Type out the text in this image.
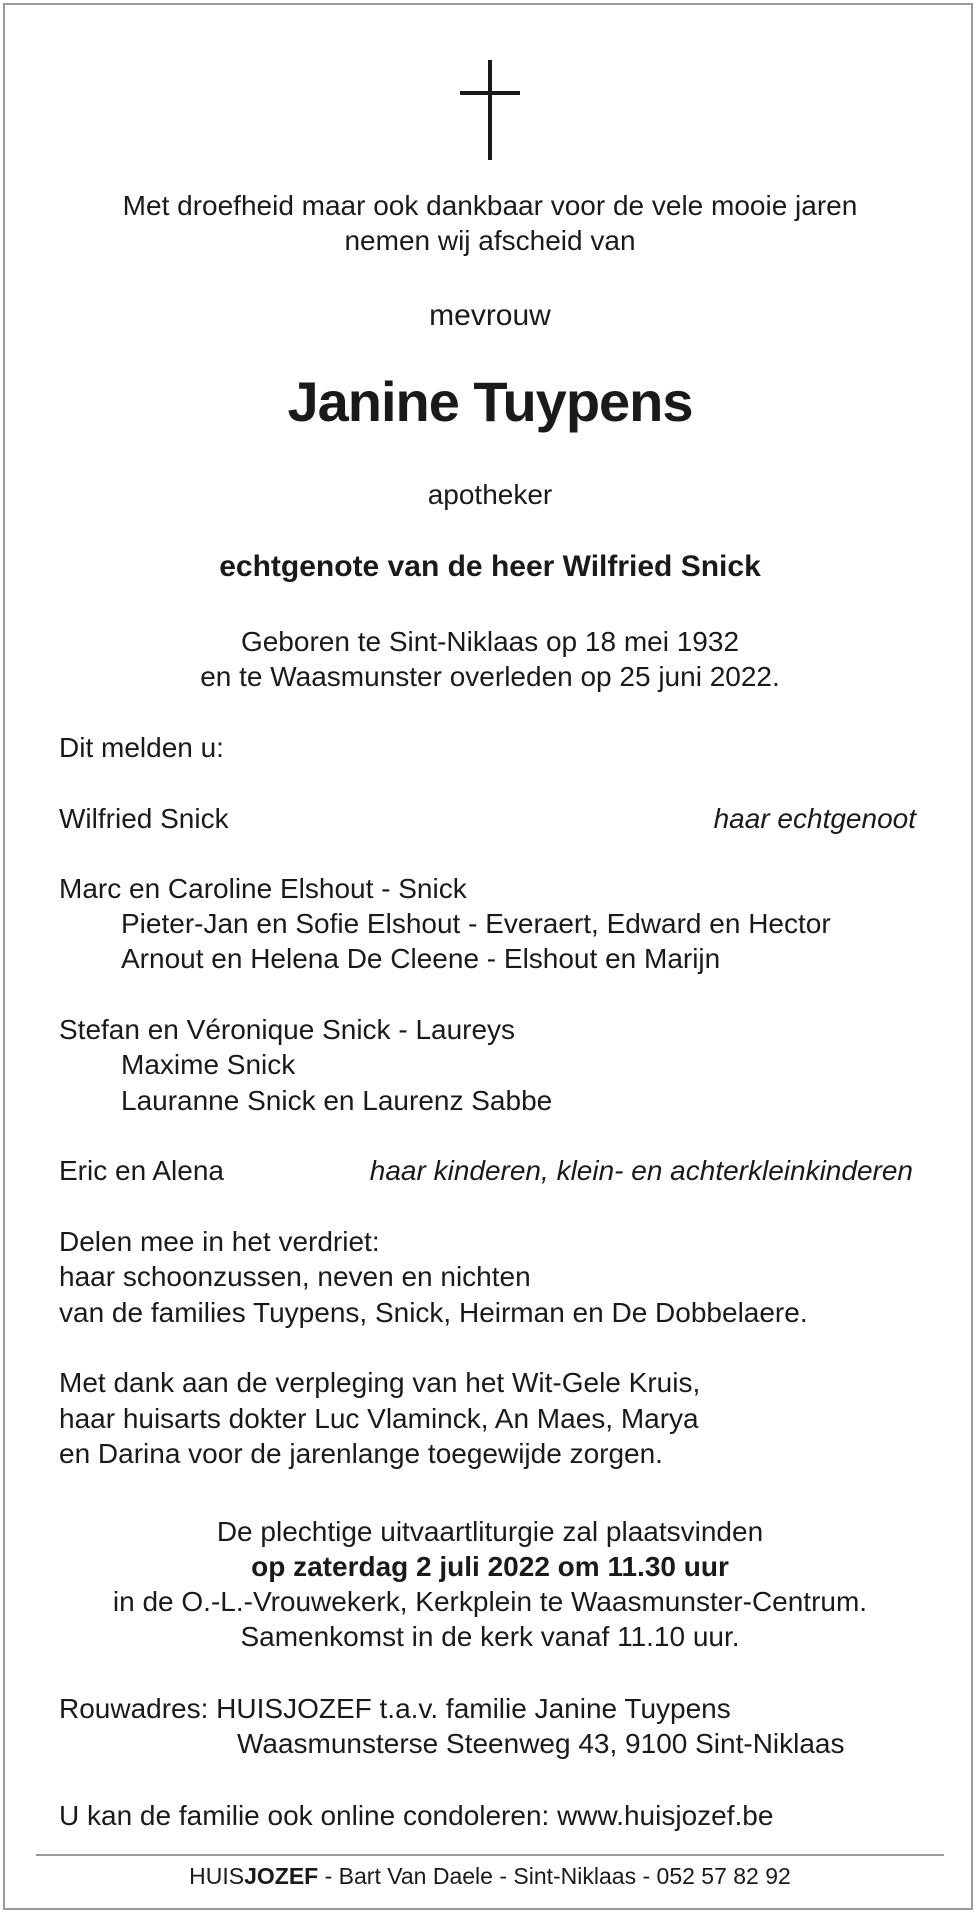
Met droefheid maar ook dankbaar voor de vele mooie jaren
nemen wij afscheid van
mevrouw
Janine Tuypens
apotheker
echtgenote van de heer Wilfried Snick
Geboren te Sint-Niklaas op 18 mei 1932
en te Waasmunster overleden op 25 juni 2022.
Dit melden u:
Wilfried Snick	haar echtgenoot
Marc en Caroline Elshout - Snick
Pieter-Jan en Sofie Elshout - Everaert, Edward en Hector
Arnout en Helena De Cleene - Elshout en Marijn
Stefan en Véronique Snick - Laureys
Maxime Snick
Lauranne Snick en Laurenz Sabbe
Eric en Alena	haar kinderen, klein- en achterkleinkinderen
Delen mee in het verdriet:
haar schoonzussen, neven en nichten
van de families Tuypens, Snick, Heirman en De Dobbelaere.
Met dank aan de verpleging van het Wit-Gele Kruis,
haar huisarts dokter Luc Vlaminck, An Maes, Marya
en Darina voor de jarenlange toegewijde zorgen.
De plechtige uitvaartliturgie zal plaatsvinden
op zaterdag 2 juli 2022 om 11.30 uur
in de O.-L.-Vrouwekerk, Kerkplein te Waasmunster-Centrum.
Samenkomst in de kerk vanaf 11.10 uur.
Rouwadres: HUISJOZEF t.a.v. familie Janine Tuypens
Waasmunsterse Steenweg 43, 9100 Sint-Niklaas
U kan de familie ook online condoleren: www.huisjozef.be
HUISJOZEF - Bart Van Daele - Sint-Niklaas - 052 57 82 92
